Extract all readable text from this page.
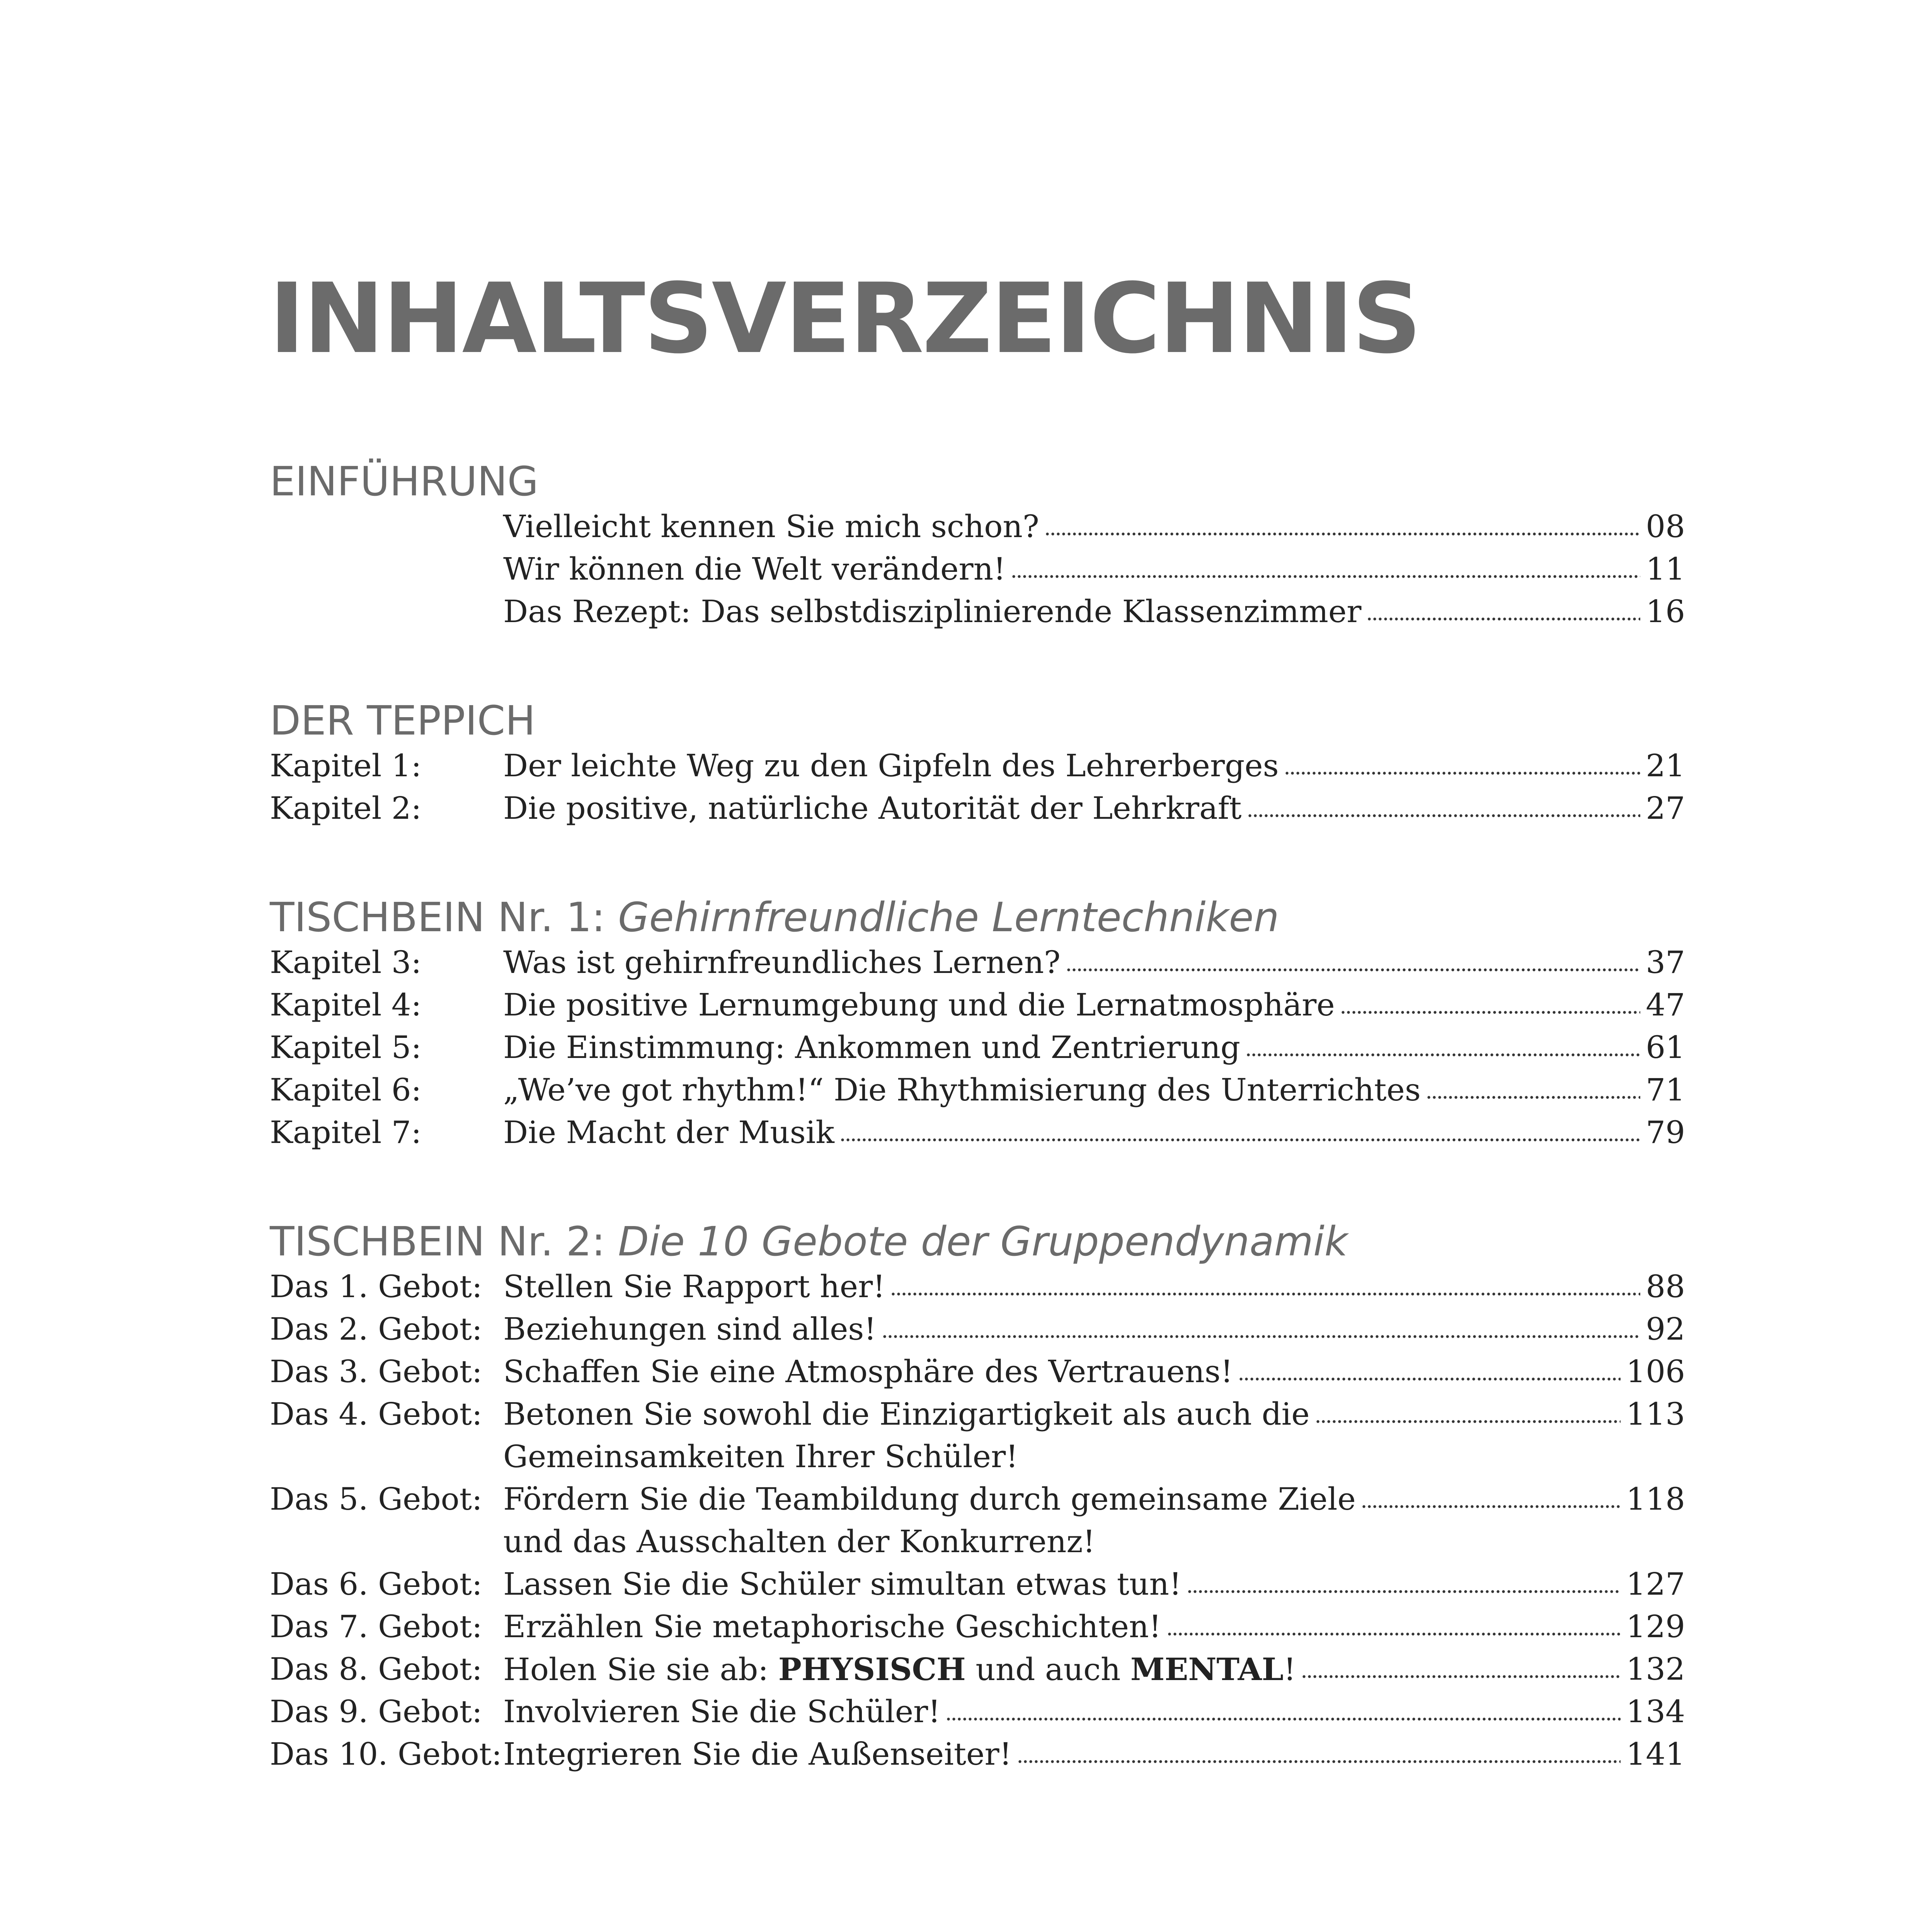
INHALTSVERZEICHNIS
EINFÜHRUNG
Vielleicht kennen Sie mich schon?	08
Wir können die Welt verändern!	11
Das Rezept: Das selbstdisziplinierende Klassenzimmer	16
DER TEPPICH
Kapitel 1:	Der leichte Weg zu den Gipfeln des Lehrerberges	21
Kapitel 2:	Die positive, natürliche Autorität der Lehrkraft	27
TISCHBEIN Nr. 1: Gehirnfreundliche Lerntechniken
Kapitel 3:	Was ist gehirnfreundliches Lernen?	37
Kapitel 4:	Die positive Lernumgebung und die Lernatmosphäre	47
Kapitel 5:	Die Einstimmung: Ankommen und Zentrierung	61
Kapitel 6:	„We’ve got rhythm!“ Die Rhythmisierung des Unterrichtes	71
Kapitel 7:	Die Macht der Musik	79
TISCHBEIN Nr. 2: Die 10 Gebote der Gruppendynamik
Das 1. Gebot: Stellen Sie Rapport her!	88
Das 2. Gebot: Beziehungen sind alles!	92
Das 3. Gebot: Schaffen Sie eine Atmosphäre des Vertrauens!	106
Das 4. Gebot: Betonen Sie sowohl die Einzigartigkeit als auch die	113
Gemeinsamkeiten Ihrer Schüler!
Das 5. Gebot: Fördern Sie die Teambildung durch gemeinsame Ziele	118
und das Ausschalten der Konkurrenz!
Das 6. Gebot: Lassen Sie die Schüler simultan etwas tun!	127
Das 7. Gebot: Erzählen Sie metaphorische Geschichten!	129
Das 8. Gebot: Holen Sie sie ab: PHYSISCH und auch MENTAL!	132
Das 9. Gebot: Involvieren Sie die Schüler!	134
Das 10. Gebot: Integrieren Sie die Außenseiter!	141
